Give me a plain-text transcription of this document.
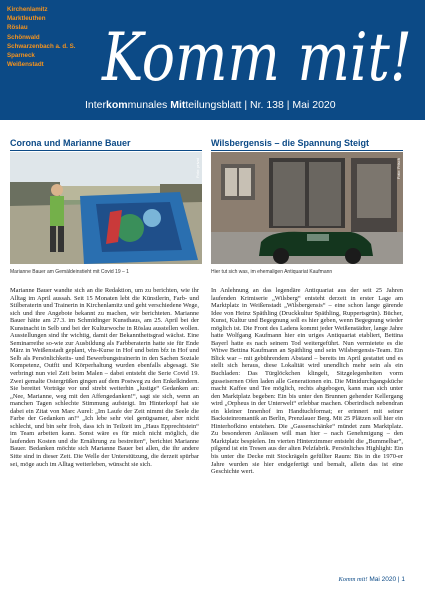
Kirchenlamitz
Marktleuthen
Röslau
Schönwald
Schwarzenbach a. d. S.
Sparneck
Weißenstadt Komm mit!
Interkommunales Mitteilungsblatt | Nr. 138 | Mai 2020
Corona und Marianne Bauer
Foto: privat
Marianne Bauer am Gemäldeinstieht mit Covid 19 – 1

Marianne Bauer wandte sich an die Redaktion, um zu berichten, wie ihr Alltag im April aussah. Seit 15 Monaten lebt die Künstlerin, Farb- und Stilberaterin und Trainerin in Kirchenlamitz und geht verschiedene Wege, sich und ihre Angebote bekannt zu machen, wir berichteten. Marianne Bauer hätte am 27.3. im Schmidinger Kunsthaus, am 25. April bei der Kunstnacht in Selb und bei der Kulturwoche in Röslau ausstellen wollen. Ausstellungen sind ihr wichtig, damit der Bekanntheitsgrad wächst. Eine Seminarreihe so-wie zur Ausbildung als Farbberaterin hatte sie für Ende März in Weißenstadt geplant, vhs-Kurse in Hof und beim bfz in Hof und Selb als Persönlichkeits- und Bewerbungstrainerin in den Sachen Soziale Kompetenz, Outfit und Körperhaltung wurden ebenfalls abgesagt. Sie verbringt nun viel Zeit beim Malen – dabei entsteht die Serie Covid 19. Zwei gemalte Ostergrüßen gingen auf dem Postweg zu den Enkelkindern. Sie bereitet Vorträge vor und strebt weiterhin „lustige“ Gedanken an: „Nee, Marianne, weg mit den Affengedanken!“, sagt sie sich, wenn an manchen Tagen schlechte Stimmung aufsteigt. Im Hinterkopf hat sie dabei ein Zitat von Marc Aurel: „Im Laufe der Zeit nimmt die Seele die Farbe der Gedanken an!“ „Ich lebe sehr viel genügsamer, aber nicht schlecht, und bin sehr froh, dass ich in Teilzeit im „Haus Epprechtstein“ im Team arbeiten kann. Sonst wäre es für mich nicht möglich, die laufenden Kosten und die Ernährung zu bestreiten“, berichtet Marianne Bauer. Bedanken möchte sich Marianne Bauer bei allen, die ihr andere Sitte sind in dieser Zeit. Die Welle der Unterstützung, die derzeit spürbar sei, möge auch im Alltag weiterleben, wünscht sie sich.

Wilsbergensis – die Spannung Steigt
Foto: Frisch
Hier tut sich was, im ehemaligen Antiquariat Kaufmann

In Anlehnung an das legendäre Antiquariat aus der seit 25 Jahren laufenden Krimiserie „Wilsberg“ entsteht derzeit in erster Lage am Marktplatz in Weißenstadt „Wilsbergensis“ – eine schon lange gärende Idee von Heinz Späthling (Druckkultur Späthling, Ruppertsgrün). Bücher, Kunst, Kultur und Begegnung soll es hier geben, wenn Begegnung wieder möglich ist. Die Front des Ladens kommt jeder Weißenstädter, lange Jahre hatte Wolfgang Kaufmann hier ein uriges Antiquariat etabliert, Bettina Bayerl hatte es nach seinem Tod weitergeführt. Nun vermietete es die Witwe Bettina Kaufmann an Späthling und sein Wilsbergensis-Team. Ein Blick war – mit gebührendem Abstand – bereits im April gestattet und es stellt sich heraus, diese Lokalität wird unendlich mehr sein als ein Buchladen: Das Türglöckchen klingelt, Sitzgelegenheiten vorm gusseisernen Ofen laden alle Generationen ein. Die Minidurchgangsküche macht Kaffee und Tee möglich, rechts abgebogen, kann man sich unter den Marktplatz begeben: Ein bis unter den Brunnen gehender Kellergang wird „Orpheus in der Unterwelt“ erlebbar machen. Oberirdisch nebendran ein kleiner Innenhof im Handtuchformat; er erinnert mit seiner Backsteinromantik an Berlin, Prenzlauer Berg. Mit 25 Plätzen soll hier ein Hinterhofkino entstehen. Die „Gassenschänke“ mündet zum Marktplatz. Zu besonderen Anlässen will man hier – nach Genehmigung – den Marktplatz bespielen. Im vierten Hinterzimmer entsteht die „Bummelbar“, pilgend ist ein Tresen aus der alten Pelzfabrik. Persönliches Highlight: Ein bis unter die Decke mit Stockrägeln gefüllter Raum: Bis in die 1970-er Jahre wurden sie hier endgefertigt und bemalt, allein das ist eine Geschichte wert.

Komm mit! Mai 2020 | 1
